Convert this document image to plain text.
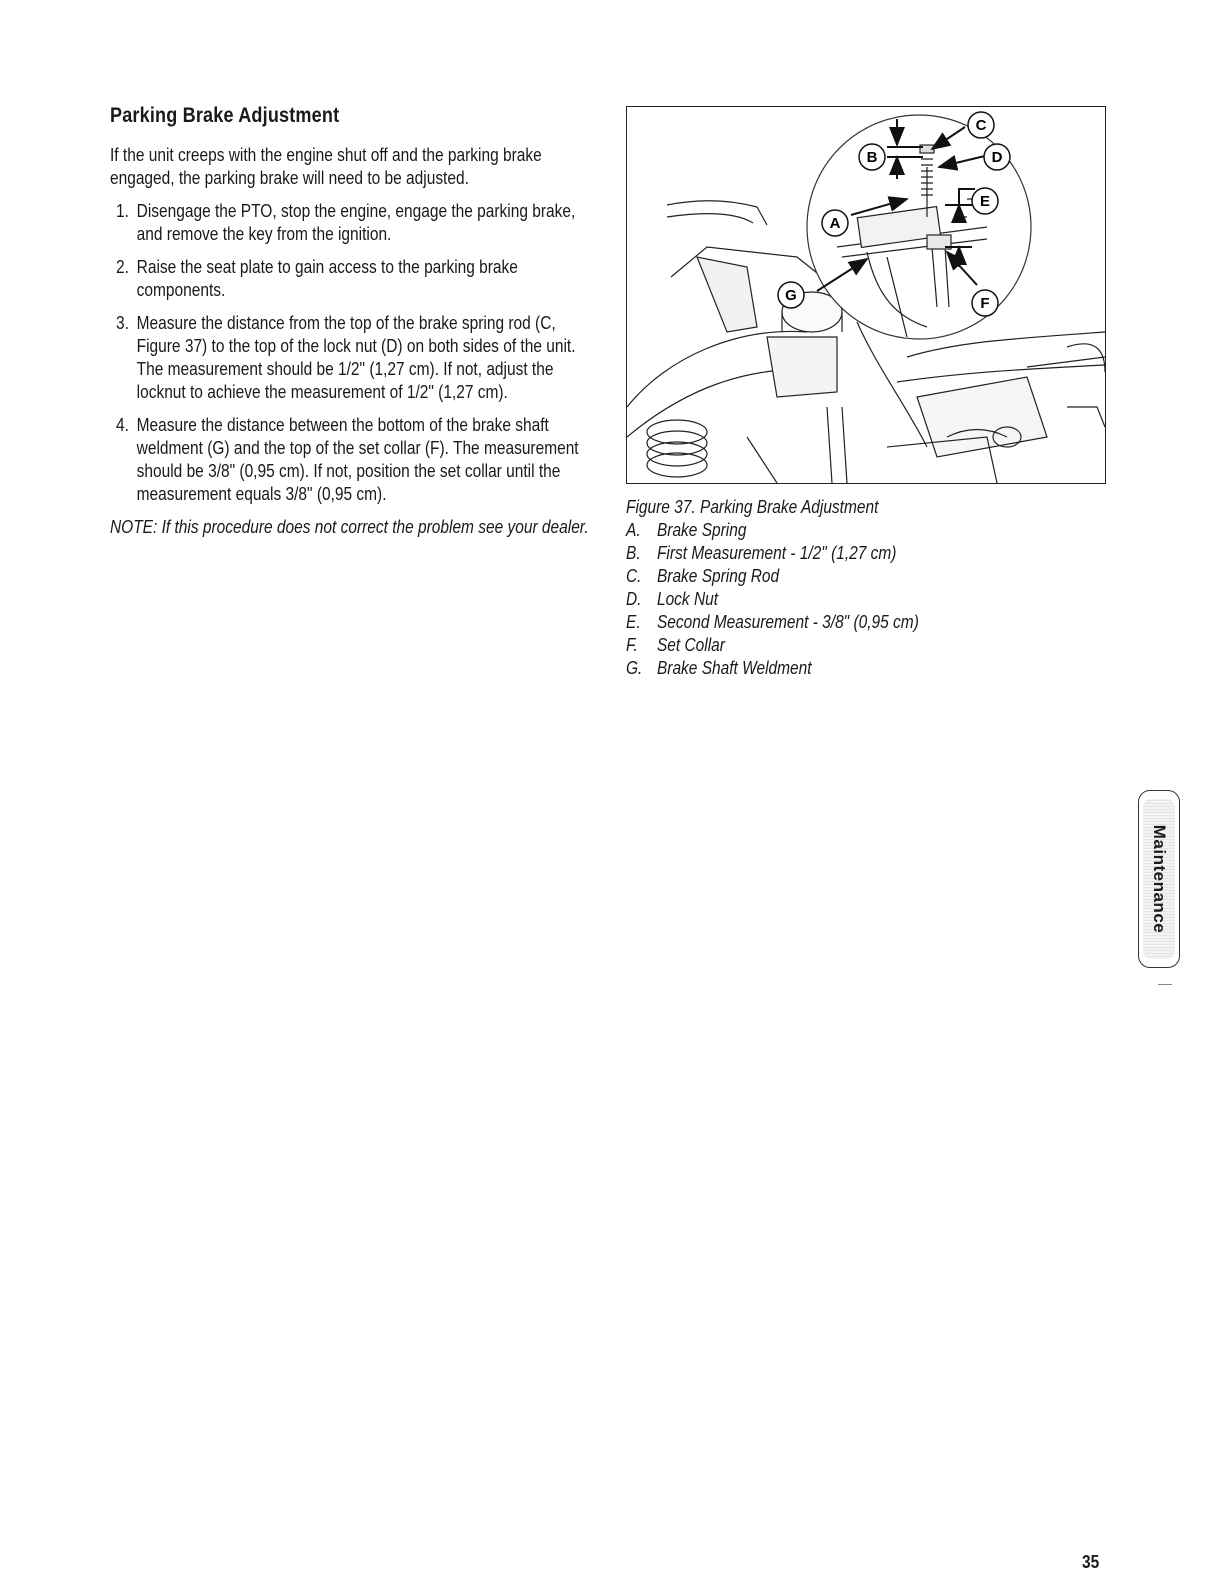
Parking Brake Adjustment

If the unit creeps with the engine shut off and the parking brake engaged, the parking brake will need to be adjusted.

1. Disengage the PTO, stop the engine, engage the parking brake, and remove the key from the ignition.
2. Raise the seat plate to gain access to the parking brake components.
3. Measure the distance from the top of the brake spring rod (C, Figure 37) to the top of the lock nut (D) on both sides of the unit. The measurement should be 1/2" (1,27 cm). If not, adjust the locknut to achieve the measurement of 1/2" (1,27 cm).
4. Measure the distance between the bottom of the brake shaft weldment (G) and the top of the set collar (F). The measurement should be 3/8" (0,95 cm). If not, position the set collar until the measurement equals 3/8" (0,95 cm).

NOTE: If this procedure does not correct the problem see your dealer.

C
B	D
E
A
G	F
Figure 37. Parking Brake Adjustment
A. Brake Spring
B. First Measurement - 1/2" (1,27 cm)
C. Brake Spring Rod
D. Lock Nut
E. Second Measurement - 3/8" (0,95 cm)
F. Set Collar
G. Brake Shaft Weldment
Maintenance
35
